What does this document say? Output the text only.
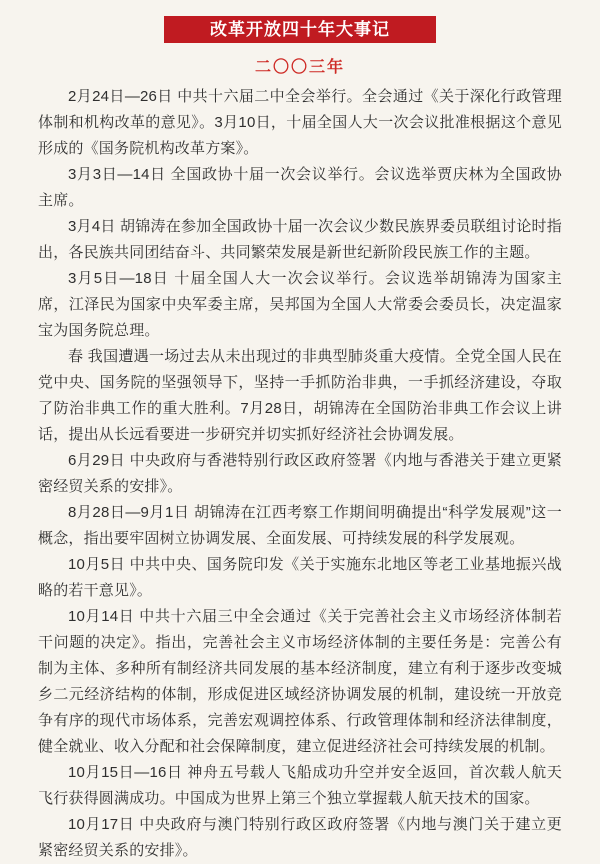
改革开放四十年大事记
二〇〇三年

2月24日—26日 中共十六届二中全会举行。全会通过《关于深化行政管理体制和机构改革的意见》。3月10日，十届全国人大一次会议批准根据这个意见形成的《国务院机构改革方案》。

3月3日—14日 全国政协十届一次会议举行。会议选举贾庆林为全国政协主席。

3月4日 胡锦涛在参加全国政协十届一次会议少数民族界委员联组讨论时指出，各民族共同团结奋斗、共同繁荣发展是新世纪新阶段民族工作的主题。

3月5日—18日 十届全国人大一次会议举行。会议选举胡锦涛为国家主席，江泽民为国家中央军委主席，吴邦国为全国人大常委会委员长，决定温家宝为国务院总理。

春 我国遭遇一场过去从未出现过的非典型肺炎重大疫情。全党全国人民在党中央、国务院的坚强领导下，坚持一手抓防治非典，一手抓经济建设，夺取了防治非典工作的重大胜利。7月28日，胡锦涛在全国防治非典工作会议上讲话，提出从长远看要进一步研究并切实抓好经济社会协调发展。

6月29日 中央政府与香港特别行政区政府签署《内地与香港关于建立更紧密经贸关系的安排》。

8月28日—9月1日 胡锦涛在江西考察工作期间明确提出“科学发展观”这一概念，指出要牢固树立协调发展、全面发展、可持续发展的科学发展观。

10月5日 中共中央、国务院印发《关于实施东北地区等老工业基地振兴战略的若干意见》。

10月14日 中共十六届三中全会通过《关于完善社会主义市场经济体制若干问题的决定》。指出，完善社会主义市场经济体制的主要任务是：完善公有制为主体、多种所有制经济共同发展的基本经济制度，建立有利于逐步改变城乡二元经济结构的体制，形成促进区域经济协调发展的机制，建设统一开放竞争有序的现代市场体系，完善宏观调控体系、行政管理体制和经济法律制度，健全就业、收入分配和社会保障制度，建立促进经济社会可持续发展的机制。

10月15日—16日 神舟五号载人飞船成功升空并安全返回，首次载人航天飞行获得圆满成功。中国成为世界上第三个独立掌握载人航天技术的国家。

10月17日 中央政府与澳门特别行政区政府签署《内地与澳门关于建立更紧密经贸关系的安排》。
